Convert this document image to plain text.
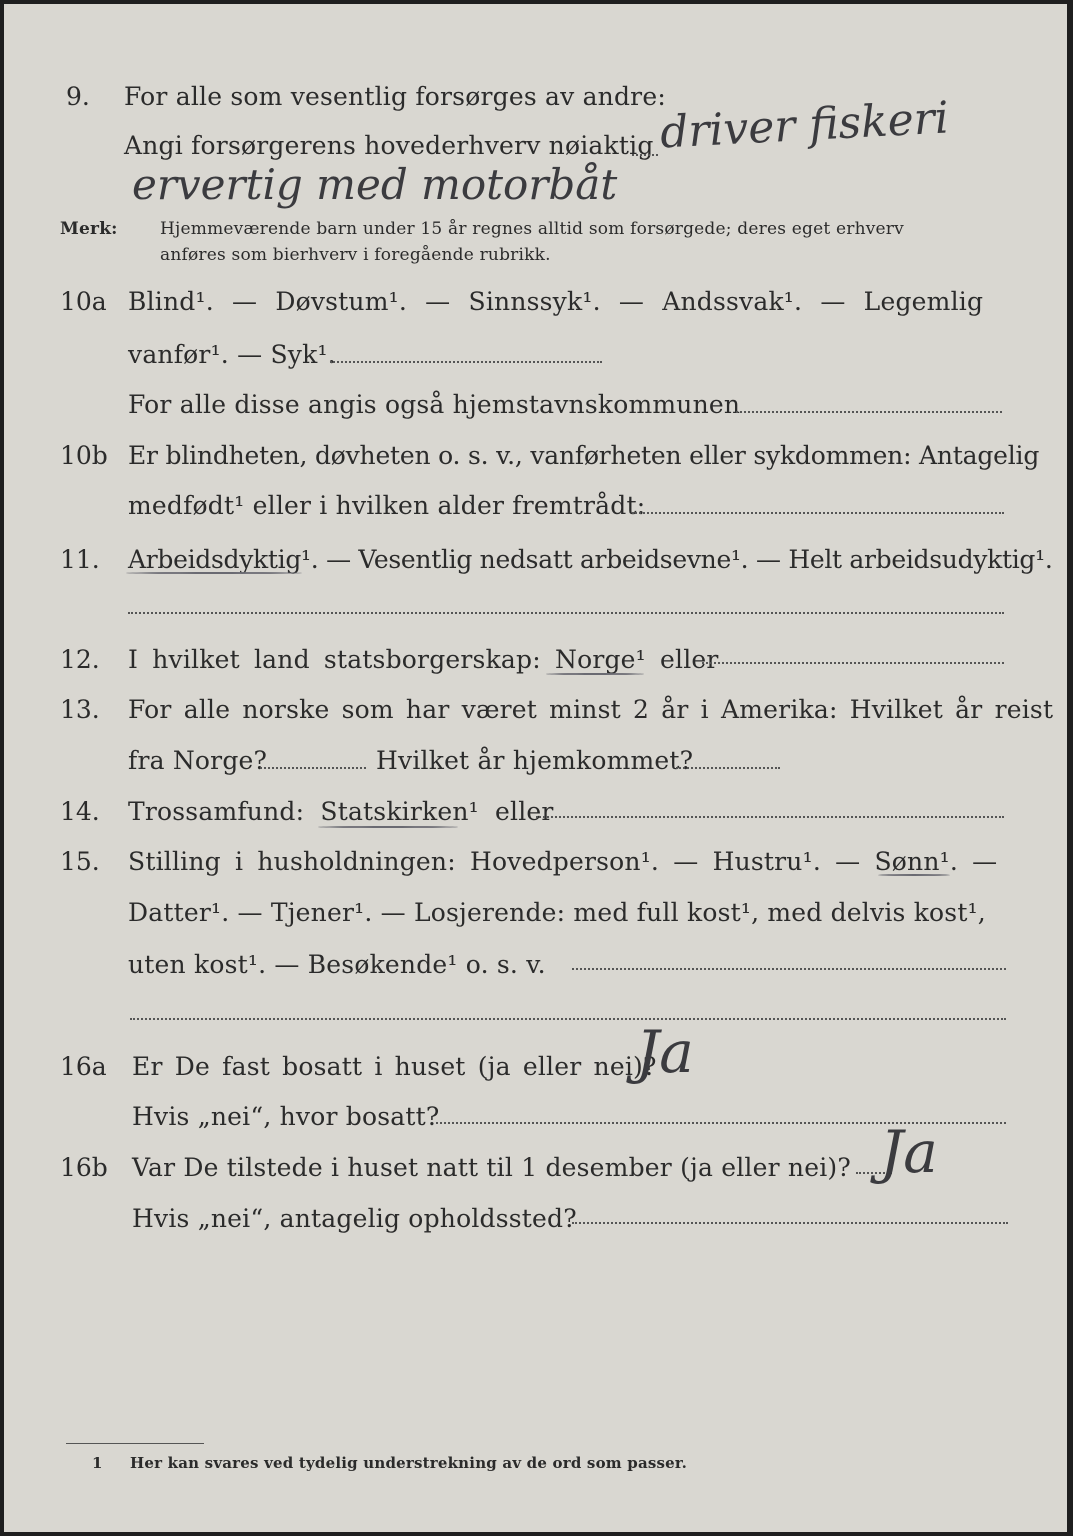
9. For alle som vesentlig forsørges av andre:
Angi forsørgerens hovederhverv nøiaktig driver fiskeri
ervertig med motorbåt
Merk: Hjemmeværende barn under 15 år regnes alltid som forsørgede; deres eget erhverv
anføres som bierhverv i foregående rubrikk.
10a Blind¹. — Døvstum¹. — Sinnssyk¹. — Andssvak¹. — Legemlig
vanfør¹. — Syk¹.
For alle disse angis også hjemstavnskommunen
10b Er blindheten, døvheten o. s. v., vanførheten eller sykdommen: Antagelig
medfødt¹ eller i hvilken alder fremtrådt:
11. Arbeidsdyktig¹. — Vesentlig nedsatt arbeidsevne¹. — Helt arbeidsudyktig¹.
12. I hvilket land statsborgerskap: Norge¹ eller
13. For alle norske som har været minst 2 år i Amerika: Hvilket år reist
fra Norge?	Hvilket år hjemkommet?
14. Trossamfund: Statskirken¹ eller
15. Stilling i husholdningen: Hovedperson¹. — Hustru¹. — Sønn¹. —
Datter¹. — Tjener¹. — Losjerende: med full kost¹, med delvis kost¹,
uten kost¹. — Besøkende¹ o. s. v.
16a Er De fast bosatt i huset (ja eller nei)?
Ja
Hvis „nei“, hvor bosatt?
16b Var De tilstede i huset natt til 1 desember (ja eller nei)? Ja
Hvis „nei“, antagelig opholdssted?
1 Her kan svares ved tydelig understrekning av de ord som passer.
